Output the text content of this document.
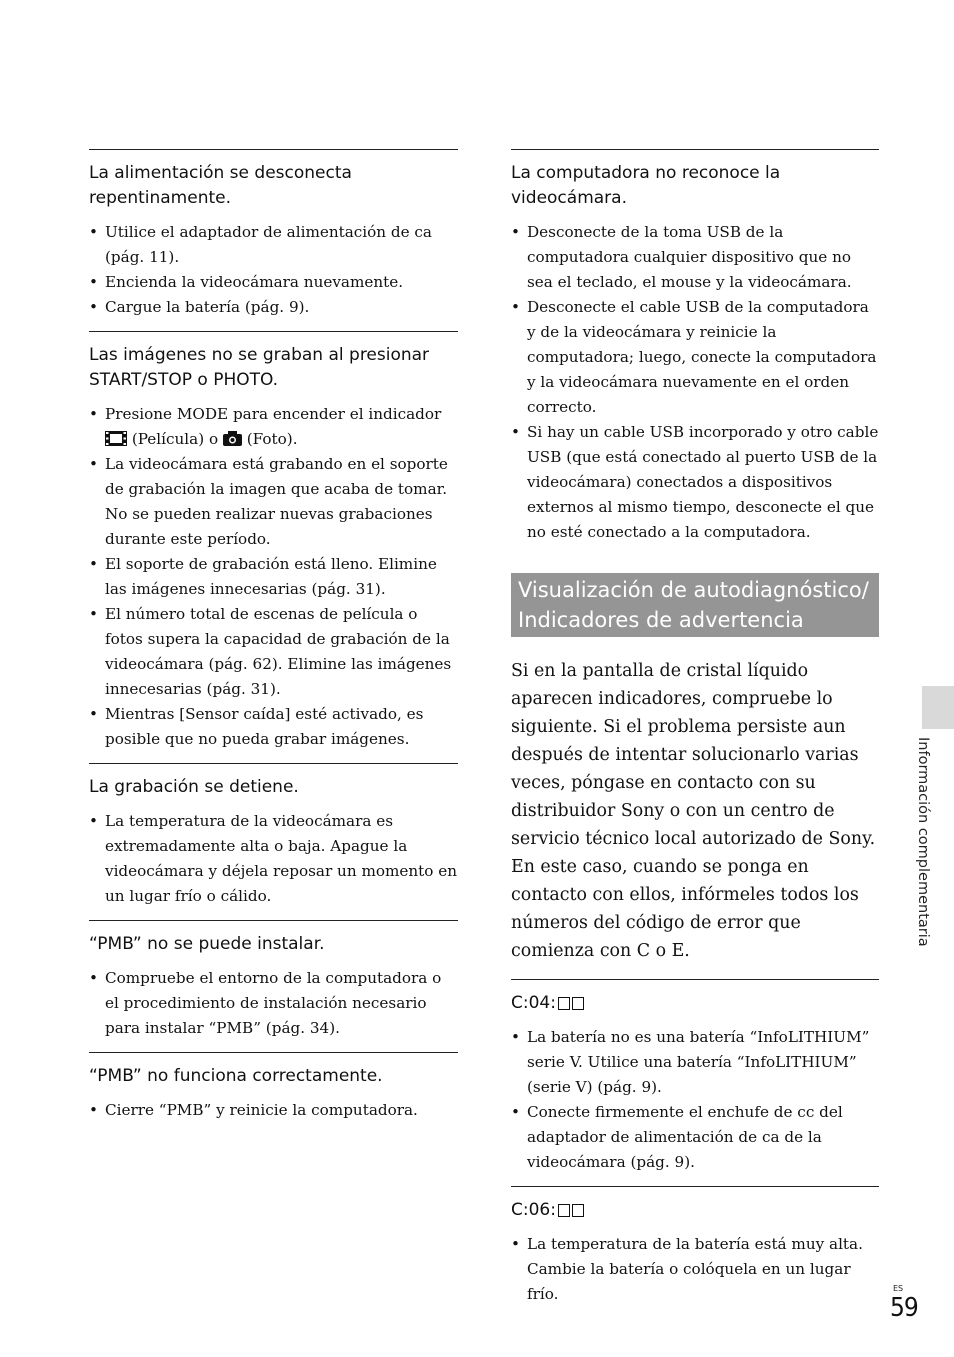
La alimentación se desconecta repentinamente.

• Utilice el adaptador de alimentación de ca (pág. 11).
• Encienda la videocámara nuevamente.
• Cargue la batería (pág. 9).

Las imágenes no se graban al presionar START/STOP o PHOTO.

• Presione MODE para encender el indicador
(Película) o (Foto).
• La videocámara está grabando en el soporte de grabación la imagen que acaba de tomar. No se pueden realizar nuevas grabaciones durante este período.
• El soporte de grabación está lleno. Elimine las imágenes innecesarias (pág. 31).
• El número total de escenas de película o fotos supera la capacidad de grabación de la videocámara (pág. 62). Elimine las imágenes innecesarias (pág. 31).
• Mientras [Sensor caída] esté activado, es posible que no pueda grabar imágenes.

La grabación se detiene.

• La temperatura de la videocámara es extremadamente alta o baja. Apague la videocámara y déjela reposar un momento en un lugar frío o cálido.

“PMB” no se puede instalar.

• Compruebe el entorno de la computadora o el procedimiento de instalación necesario para instalar “PMB” (pág. 34).

“PMB” no funciona correctamente.

• Cierre “PMB” y reinicie la computadora.

La computadora no reconoce la videocámara.

• Desconecte de la toma USB de la computadora cualquier dispositivo que no sea el teclado, el mouse y la videocámara.
• Desconecte el cable USB de la computadora y de la videocámara y reinicie la computadora; luego, conecte la computadora y la videocámara nuevamente en el orden correcto.
• Si hay un cable USB incorporado y otro cable USB (que está conectado al puerto USB de la videocámara) conectados a dispositivos externos al mismo tiempo, desconecte el que no esté conectado a la computadora.
Visualización de autodiagnóstico/ Indicadores de advertencia

Si en la pantalla de cristal líquido aparecen indicadores, compruebe lo siguiente. Si el problema persiste aun después de intentar solucionarlo varias veces, póngase en contacto con su distribuidor Sony o con un centro de servicio técnico local autorizado de Sony. En este caso, cuando se ponga en contacto con ellos, infórmeles todos los números del código de error que comienza con C o E.

C:04:

• La batería no es una batería “InfoLITHIUM” serie V. Utilice una batería “InfoLITHIUM” (serie V) (pág. 9).
• Conecte firmemente el enchufe de cc del adaptador de alimentación de ca de la videocámara (pág. 9).

C:06:

• La temperatura de la batería está muy alta. Cambie la batería o colóquela en un lugar frío.
Información complementaria
ES
59
